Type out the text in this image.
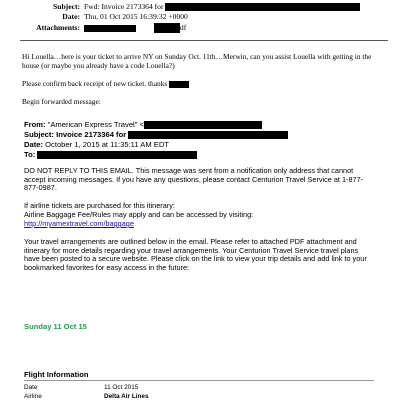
Subject: Fwd: Invoice 2173364 for
Date: Thu, 01 Oct 2015 16:39:32 +0000
Attachments:	df
Hi Louella…here is your ticket to arrive NY on Sunday Oct. 11th…Merwin, can you assist Louella with getting in the house (or maybe you already have a code Louella?)
Please confirm back receipt of new ticket. thanks
Begin forwarded message:
From: "American Express Travel" <
Subject: Invoice 2173364 for
Date: October 1, 2015 at 11:35:11 AM EDT
To:
DO NOT REPLY TO THIS EMAIL. This message was sent from a notification only address that cannot accept incoming messages. If you have any questions, please contact Centurion Travel Service at 1-877-877-0987.
If airline tickets are purchased for this itinerary:
Airline Baggage Fee/Rules may apply and can be accessed by visiting:
http://myamextravel.com/baggage
Your travel arrangements are outlined below in the email. Please refer to attached PDF attachment and itinerary for more details regarding your travel arrangements. Your Centurion Travel Service travel plans have been posted to a secure website. Please click on the link to view your trip details and add link to your bookmarked favorites for easy access in the future:
Sunday 11 Oct 15
Flight Information
Date	11 Oct 2015
Airline	Delta Air Lines
